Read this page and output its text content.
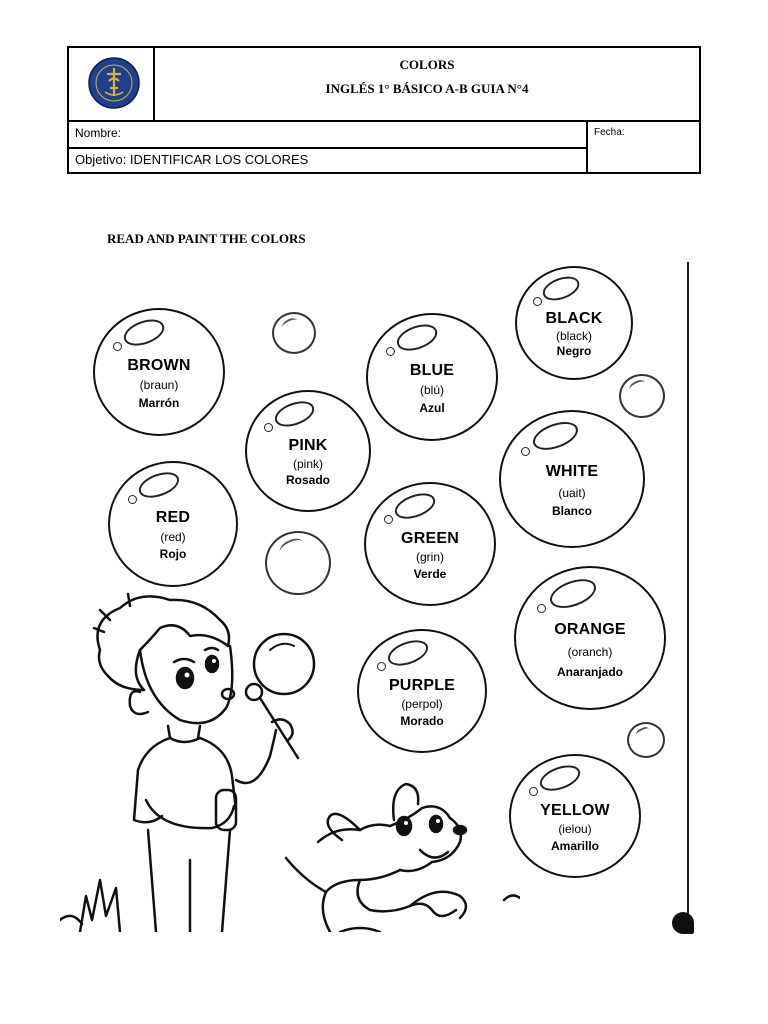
COLORS
INGLÉS 1° BÁSICO A-B GUIA N°4
Nombre:
Objetivo: IDENTIFICAR LOS COLORES
Fecha:
READ AND PAINT THE COLORS
BROWN
(braun)
Marrón
PINK
(pink)
Rosado
BLUE
(blú)
Azul
BLACK
(black)
Negro
WHITE
(uait)
Blanco
RED
(red)
Rojo
GREEN
(grin)
Verde
ORANGE
(oranch)
Anaranjado
PURPLE
(perpol)
Morado
YELLOW
(ielou)
Amarillo
